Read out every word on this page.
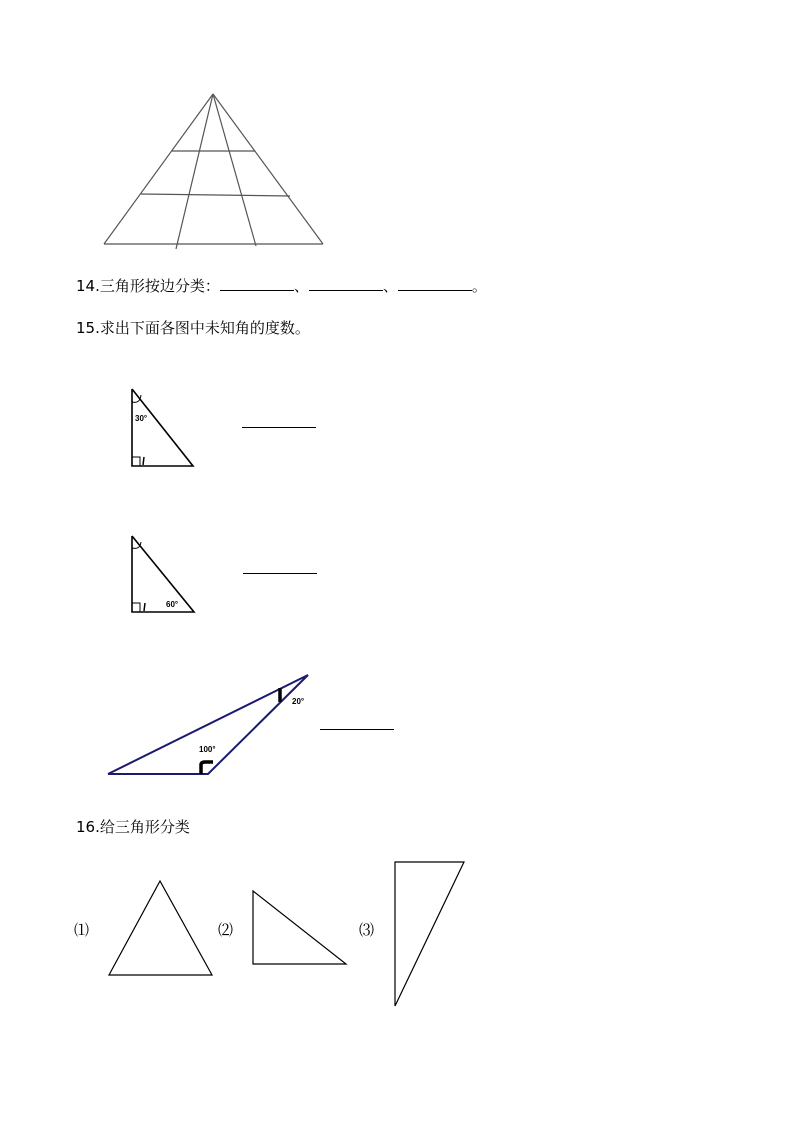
30°
60°
20°
100°
⑴	⑵	⑶
14.三角形按边分类：	、	、	。
15.求出下面各图中未知角的度数。
16.给三角形分类
